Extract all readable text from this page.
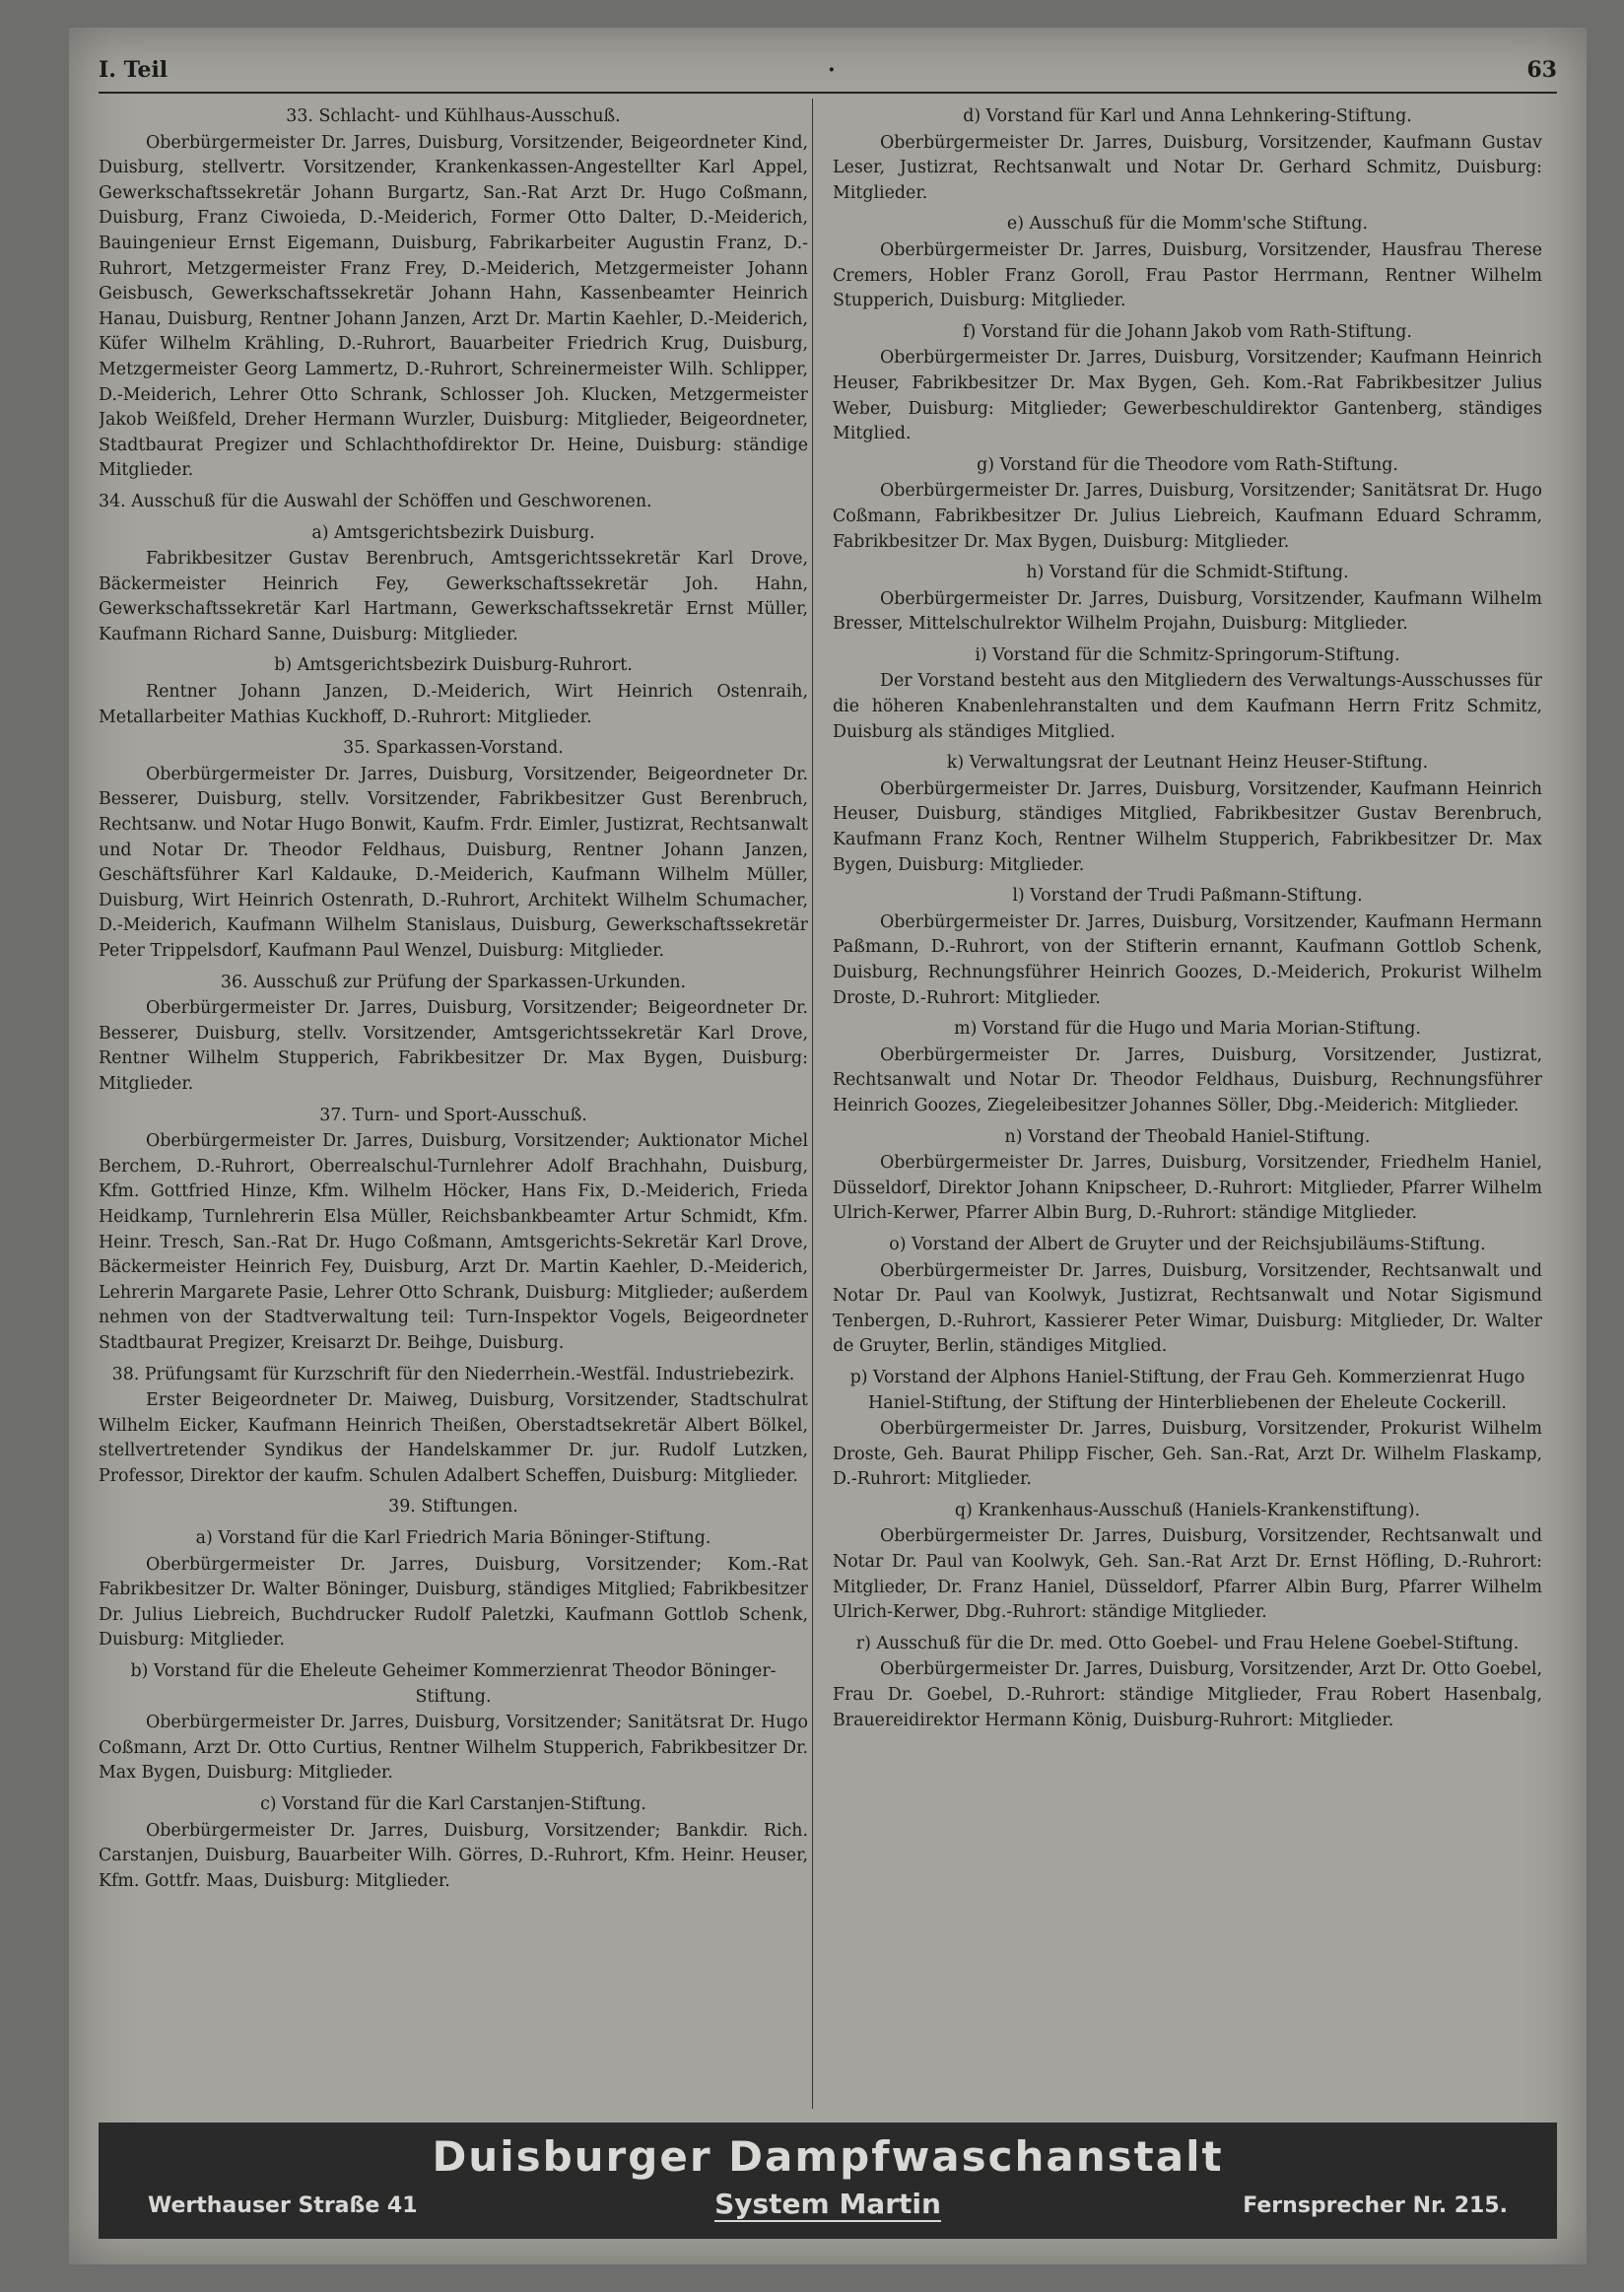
I. Teil	·	63
33. Schlacht- und Kühlhaus-Ausschuß.

Oberbürgermeister Dr. Jarres, Duisburg, Vorsitzender, Beigeordneter Kind, Duisburg, stellvertr. Vorsitzender, Krankenkassen-Angestellter Karl Appel, Gewerkschaftssekretär Johann Burgartz, San.-Rat Arzt Dr. Hugo Coßmann, Duisburg, Franz Ciwoieda, D.-Meiderich, Former Otto Dalter, D.-Meiderich, Bauingenieur Ernst Eigemann, Duisburg, Fabrikarbeiter Augustin Franz, D.-Ruhrort, Metzgermeister Franz Frey, D.-Meiderich, Metzgermeister Johann Geisbusch, Gewerkschaftssekretär Johann Hahn, Kassenbeamter Heinrich Hanau, Duisburg, Rentner Johann Janzen, Arzt Dr. Martin Kaehler, D.-Meiderich, Küfer Wilhelm Krähling, D.-Ruhrort, Bauarbeiter Friedrich Krug, Duisburg, Metzgermeister Georg Lammertz, D.-Ruhrort, Schreinermeister Wilh. Schlipper, D.-Meiderich, Lehrer Otto Schrank, Schlosser Joh. Klucken, Metzgermeister Jakob Weißfeld, Dreher Hermann Wurzler, Duisburg: Mitglieder, Beigeordneter, Stadtbaurat Pregizer und Schlachthofdirektor Dr. Heine, Duisburg: ständige Mitglieder.

34. Ausschuß für die Auswahl der Schöffen und Geschworenen.
a) Amtsgerichtsbezirk Duisburg.

Fabrikbesitzer Gustav Berenbruch, Amtsgerichtssekretär Karl Drove, Bäckermeister Heinrich Fey, Gewerkschaftssekretär Joh. Hahn, Gewerkschaftssekretär Karl Hartmann, Gewerkschaftssekretär Ernst Müller, Kaufmann Richard Sanne, Duisburg: Mitglieder.

b) Amtsgerichtsbezirk Duisburg-Ruhrort.

Rentner Johann Janzen, D.-Meiderich, Wirt Heinrich Ostenraih, Metallarbeiter Mathias Kuckhoff, D.-Ruhrort: Mitglieder.

35. Sparkassen-Vorstand.

Oberbürgermeister Dr. Jarres, Duisburg, Vorsitzender, Beigeordneter Dr. Besserer, Duisburg, stellv. Vorsitzender, Fabrikbesitzer Gust Berenbruch, Rechtsanw. und Notar Hugo Bonwit, Kaufm. Frdr. Eimler, Justizrat, Rechtsanwalt und Notar Dr. Theodor Feldhaus, Duisburg, Rentner Johann Janzen, Geschäftsführer Karl Kaldauke, D.-Meiderich, Kaufmann Wilhelm Müller, Duisburg, Wirt Heinrich Ostenrath, D.-Ruhrort, Architekt Wilhelm Schumacher, D.-Meiderich, Kaufmann Wilhelm Stanislaus, Duisburg, Gewerkschaftssekretär Peter Trippelsdorf, Kaufmann Paul Wenzel, Duisburg: Mitglieder.

36. Ausschuß zur Prüfung der Sparkassen-Urkunden.

Oberbürgermeister Dr. Jarres, Duisburg, Vorsitzender; Beigeordneter Dr. Besserer, Duisburg, stellv. Vorsitzender, Amtsgerichtssekretär Karl Drove, Rentner Wilhelm Stupperich, Fabrikbesitzer Dr. Max Bygen, Duisburg: Mitglieder.

37. Turn- und Sport-Ausschuß.

Oberbürgermeister Dr. Jarres, Duisburg, Vorsitzender; Auktionator Michel Berchem, D.-Ruhrort, Oberrealschul-Turnlehrer Adolf Brachhahn, Duisburg, Kfm. Gottfried Hinze, Kfm. Wilhelm Höcker, Hans Fix, D.-Meiderich, Frieda Heidkamp, Turnlehrerin Elsa Müller, Reichsbankbeamter Artur Schmidt, Kfm. Heinr. Tresch, San.-Rat Dr. Hugo Coßmann, Amtsgerichts-Sekretär Karl Drove, Bäckermeister Heinrich Fey, Duisburg, Arzt Dr. Martin Kaehler, D.-Meiderich, Lehrerin Margarete Pasie, Lehrer Otto Schrank, Duisburg: Mitglieder; außerdem nehmen von der Stadtverwaltung teil: Turn-Inspektor Vogels, Beigeordneter Stadtbaurat Pregizer, Kreisarzt Dr. Beihge, Duisburg.

38. Prüfungsamt für Kurzschrift für den Niederrhein.-Westfäl. Industriebezirk.

Erster Beigeordneter Dr. Maiweg, Duisburg, Vorsitzender, Stadtschulrat Wilhelm Eicker, Kaufmann Heinrich Theißen, Oberstadtsekretär Albert Bölkel, stellvertretender Syndikus der Handelskammer Dr. jur. Rudolf Lutzken, Professor, Direktor der kaufm. Schulen Adalbert Scheffen, Duisburg: Mitglieder.

39. Stiftungen.
a) Vorstand für die Karl Friedrich Maria Böninger-Stiftung.

Oberbürgermeister Dr. Jarres, Duisburg, Vorsitzender; Kom.-Rat Fabrikbesitzer Dr. Walter Böninger, Duisburg, ständiges Mitglied; Fabrikbesitzer Dr. Julius Liebreich, Buchdrucker Rudolf Paletzki, Kaufmann Gottlob Schenk, Duisburg: Mitglieder.

b) Vorstand für die Eheleute Geheimer Kommerzienrat Theodor Böninger-Stiftung.

Oberbürgermeister Dr. Jarres, Duisburg, Vorsitzender; Sanitätsrat Dr. Hugo Coßmann, Arzt Dr. Otto Curtius, Rentner Wilhelm Stupperich, Fabrikbesitzer Dr. Max Bygen, Duisburg: Mitglieder.

c) Vorstand für die Karl Carstanjen-Stiftung.

Oberbürgermeister Dr. Jarres, Duisburg, Vorsitzender; Bankdir. Rich. Carstanjen, Duisburg, Bauarbeiter Wilh. Görres, D.-Ruhrort, Kfm. Heinr. Heuser, Kfm. Gottfr. Maas, Duisburg: Mitglieder.

d) Vorstand für Karl und Anna Lehnkering-Stiftung.

Oberbürgermeister Dr. Jarres, Duisburg, Vorsitzender, Kaufmann Gustav Leser, Justizrat, Rechtsanwalt und Notar Dr. Gerhard Schmitz, Duisburg: Mitglieder.

e) Ausschuß für die Momm'sche Stiftung.

Oberbürgermeister Dr. Jarres, Duisburg, Vorsitzender, Hausfrau Therese Cremers, Hobler Franz Goroll, Frau Pastor Herrmann, Rentner Wilhelm Stupperich, Duisburg: Mitglieder.

f) Vorstand für die Johann Jakob vom Rath-Stiftung.

Oberbürgermeister Dr. Jarres, Duisburg, Vorsitzender; Kaufmann Heinrich Heuser, Fabrikbesitzer Dr. Max Bygen, Geh. Kom.-Rat Fabrikbesitzer Julius Weber, Duisburg: Mitglieder; Gewerbeschuldirektor Gantenberg, ständiges Mitglied.

g) Vorstand für die Theodore vom Rath-Stiftung.

Oberbürgermeister Dr. Jarres, Duisburg, Vorsitzender; Sanitätsrat Dr. Hugo Coßmann, Fabrikbesitzer Dr. Julius Liebreich, Kaufmann Eduard Schramm, Fabrikbesitzer Dr. Max Bygen, Duisburg: Mitglieder.

h) Vorstand für die Schmidt-Stiftung.

Oberbürgermeister Dr. Jarres, Duisburg, Vorsitzender, Kaufmann Wilhelm Bresser, Mittelschulrektor Wilhelm Projahn, Duisburg: Mitglieder.

i) Vorstand für die Schmitz-Springorum-Stiftung.

Der Vorstand besteht aus den Mitgliedern des Verwaltungs-Ausschusses für die höheren Knabenlehranstalten und dem Kaufmann Herrn Fritz Schmitz, Duisburg als ständiges Mitglied.

k) Verwaltungsrat der Leutnant Heinz Heuser-Stiftung.

Oberbürgermeister Dr. Jarres, Duisburg, Vorsitzender, Kaufmann Heinrich Heuser, Duisburg, ständiges Mitglied, Fabrikbesitzer Gustav Berenbruch, Kaufmann Franz Koch, Rentner Wilhelm Stupperich, Fabrikbesitzer Dr. Max Bygen, Duisburg: Mitglieder.

l) Vorstand der Trudi Paßmann-Stiftung.

Oberbürgermeister Dr. Jarres, Duisburg, Vorsitzender, Kaufmann Hermann Paßmann, D.-Ruhrort, von der Stifterin ernannt, Kaufmann Gottlob Schenk, Duisburg, Rechnungsführer Heinrich Goozes, D.-Meiderich, Prokurist Wilhelm Droste, D.-Ruhrort: Mitglieder.

m) Vorstand für die Hugo und Maria Morian-Stiftung.

Oberbürgermeister Dr. Jarres, Duisburg, Vorsitzender, Justizrat, Rechtsanwalt und Notar Dr. Theodor Feldhaus, Duisburg, Rechnungsführer Heinrich Goozes, Ziegeleibesitzer Johannes Söller, Dbg.-Meiderich: Mitglieder.

n) Vorstand der Theobald Haniel-Stiftung.

Oberbürgermeister Dr. Jarres, Duisburg, Vorsitzender, Friedhelm Haniel, Düsseldorf, Direktor Johann Knipscheer, D.-Ruhrort: Mitglieder, Pfarrer Wilhelm Ulrich-Kerwer, Pfarrer Albin Burg, D.-Ruhrort: ständige Mitglieder.

o) Vorstand der Albert de Gruyter und der Reichsjubiläums-Stiftung.

Oberbürgermeister Dr. Jarres, Duisburg, Vorsitzender, Rechtsanwalt und Notar Dr. Paul van Koolwyk, Justizrat, Rechtsanwalt und Notar Sigismund Tenbergen, D.-Ruhrort, Kassierer Peter Wimar, Duisburg: Mitglieder, Dr. Walter de Gruyter, Berlin, ständiges Mitglied.

p) Vorstand der Alphons Haniel-Stiftung, der Frau Geh. Kommerzienrat Hugo Haniel-Stiftung, der Stiftung der Hinterbliebenen der Eheleute Cockerill.

Oberbürgermeister Dr. Jarres, Duisburg, Vorsitzender, Prokurist Wilhelm Droste, Geh. Baurat Philipp Fischer, Geh. San.-Rat, Arzt Dr. Wilhelm Flaskamp, D.-Ruhrort: Mitglieder.

q) Krankenhaus-Ausschuß (Haniels-Krankenstiftung).

Oberbürgermeister Dr. Jarres, Duisburg, Vorsitzender, Rechtsanwalt und Notar Dr. Paul van Koolwyk, Geh. San.-Rat Arzt Dr. Ernst Höfling, D.-Ruhrort: Mitglieder, Dr. Franz Haniel, Düsseldorf, Pfarrer Albin Burg, Pfarrer Wilhelm Ulrich-Kerwer, Dbg.-Ruhrort: ständige Mitglieder.

r) Ausschuß für die Dr. med. Otto Goebel- und Frau Helene Goebel-Stiftung.

Oberbürgermeister Dr. Jarres, Duisburg, Vorsitzender, Arzt Dr. Otto Goebel, Frau Dr. Goebel, D.-Ruhrort: ständige Mitglieder, Frau Robert Hasenbalg, Brauereidirektor Hermann König, Duisburg-Ruhrort: Mitglieder.

Duisburger Dampfwaschanstalt
Werthauser Straße 41	System Martin	Fernsprecher Nr. 215.
